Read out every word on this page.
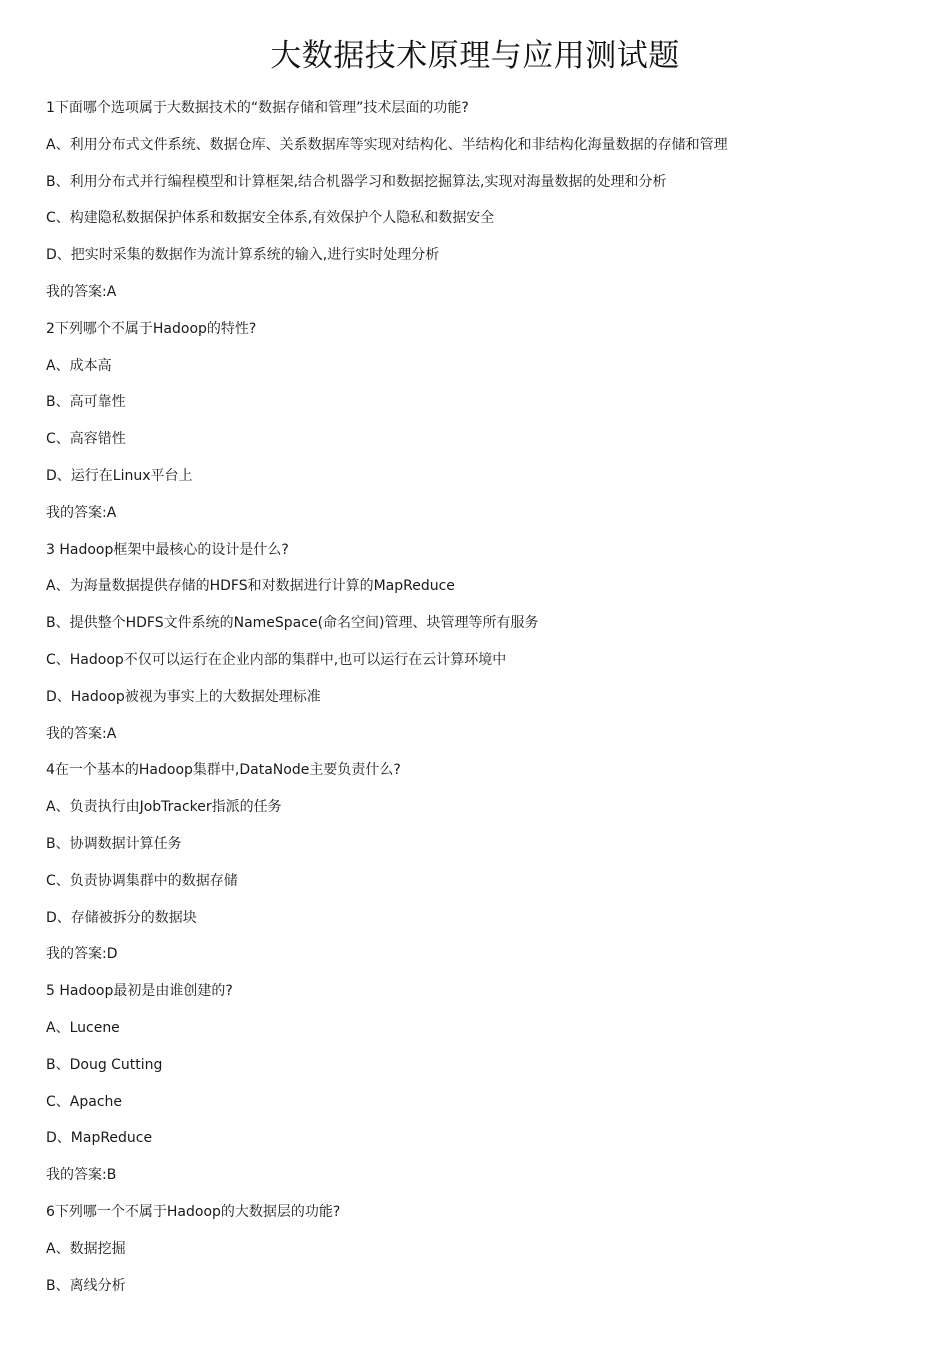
大数据技术原理与应用测试题
1下面哪个选项属于大数据技术的“数据存储和管理”技术层面的功能?
A、利用分布式文件系统、数据仓库、关系数据库等实现对结构化、半结构化和非结构化海量数据的存储和管理
B、利用分布式并行编程模型和计算框架,结合机器学习和数据挖掘算法,实现对海量数据的处理和分析
C、构建隐私数据保护体系和数据安全体系,有效保护个人隐私和数据安全
D、把实时采集的数据作为流计算系统的输入,进行实时处理分析
我的答案:A
2下列哪个不属于Hadoop的特性?
A、成本高
B、高可靠性
C、高容错性
D、运行在Linux平台上
我的答案:A
3 Hadoop框架中最核心的设计是什么?
A、为海量数据提供存储的HDFS和对数据进行计算的MapReduce
B、提供整个HDFS文件系统的NameSpace(命名空间)管理、块管理等所有服务
C、Hadoop不仅可以运行在企业内部的集群中,也可以运行在云计算环境中
D、Hadoop被视为事实上的大数据处理标准
我的答案:A
4在一个基本的Hadoop集群中,DataNode主要负责什么?
A、负责执行由JobTracker指派的任务
B、协调数据计算任务
C、负责协调集群中的数据存储
D、存储被拆分的数据块
我的答案:D
5 Hadoop最初是由谁创建的?
A、Lucene
B、Doug Cutting
C、Apache
D、MapReduce
我的答案:B
6下列哪一个不属于Hadoop的大数据层的功能?
A、数据挖掘
B、离线分析
